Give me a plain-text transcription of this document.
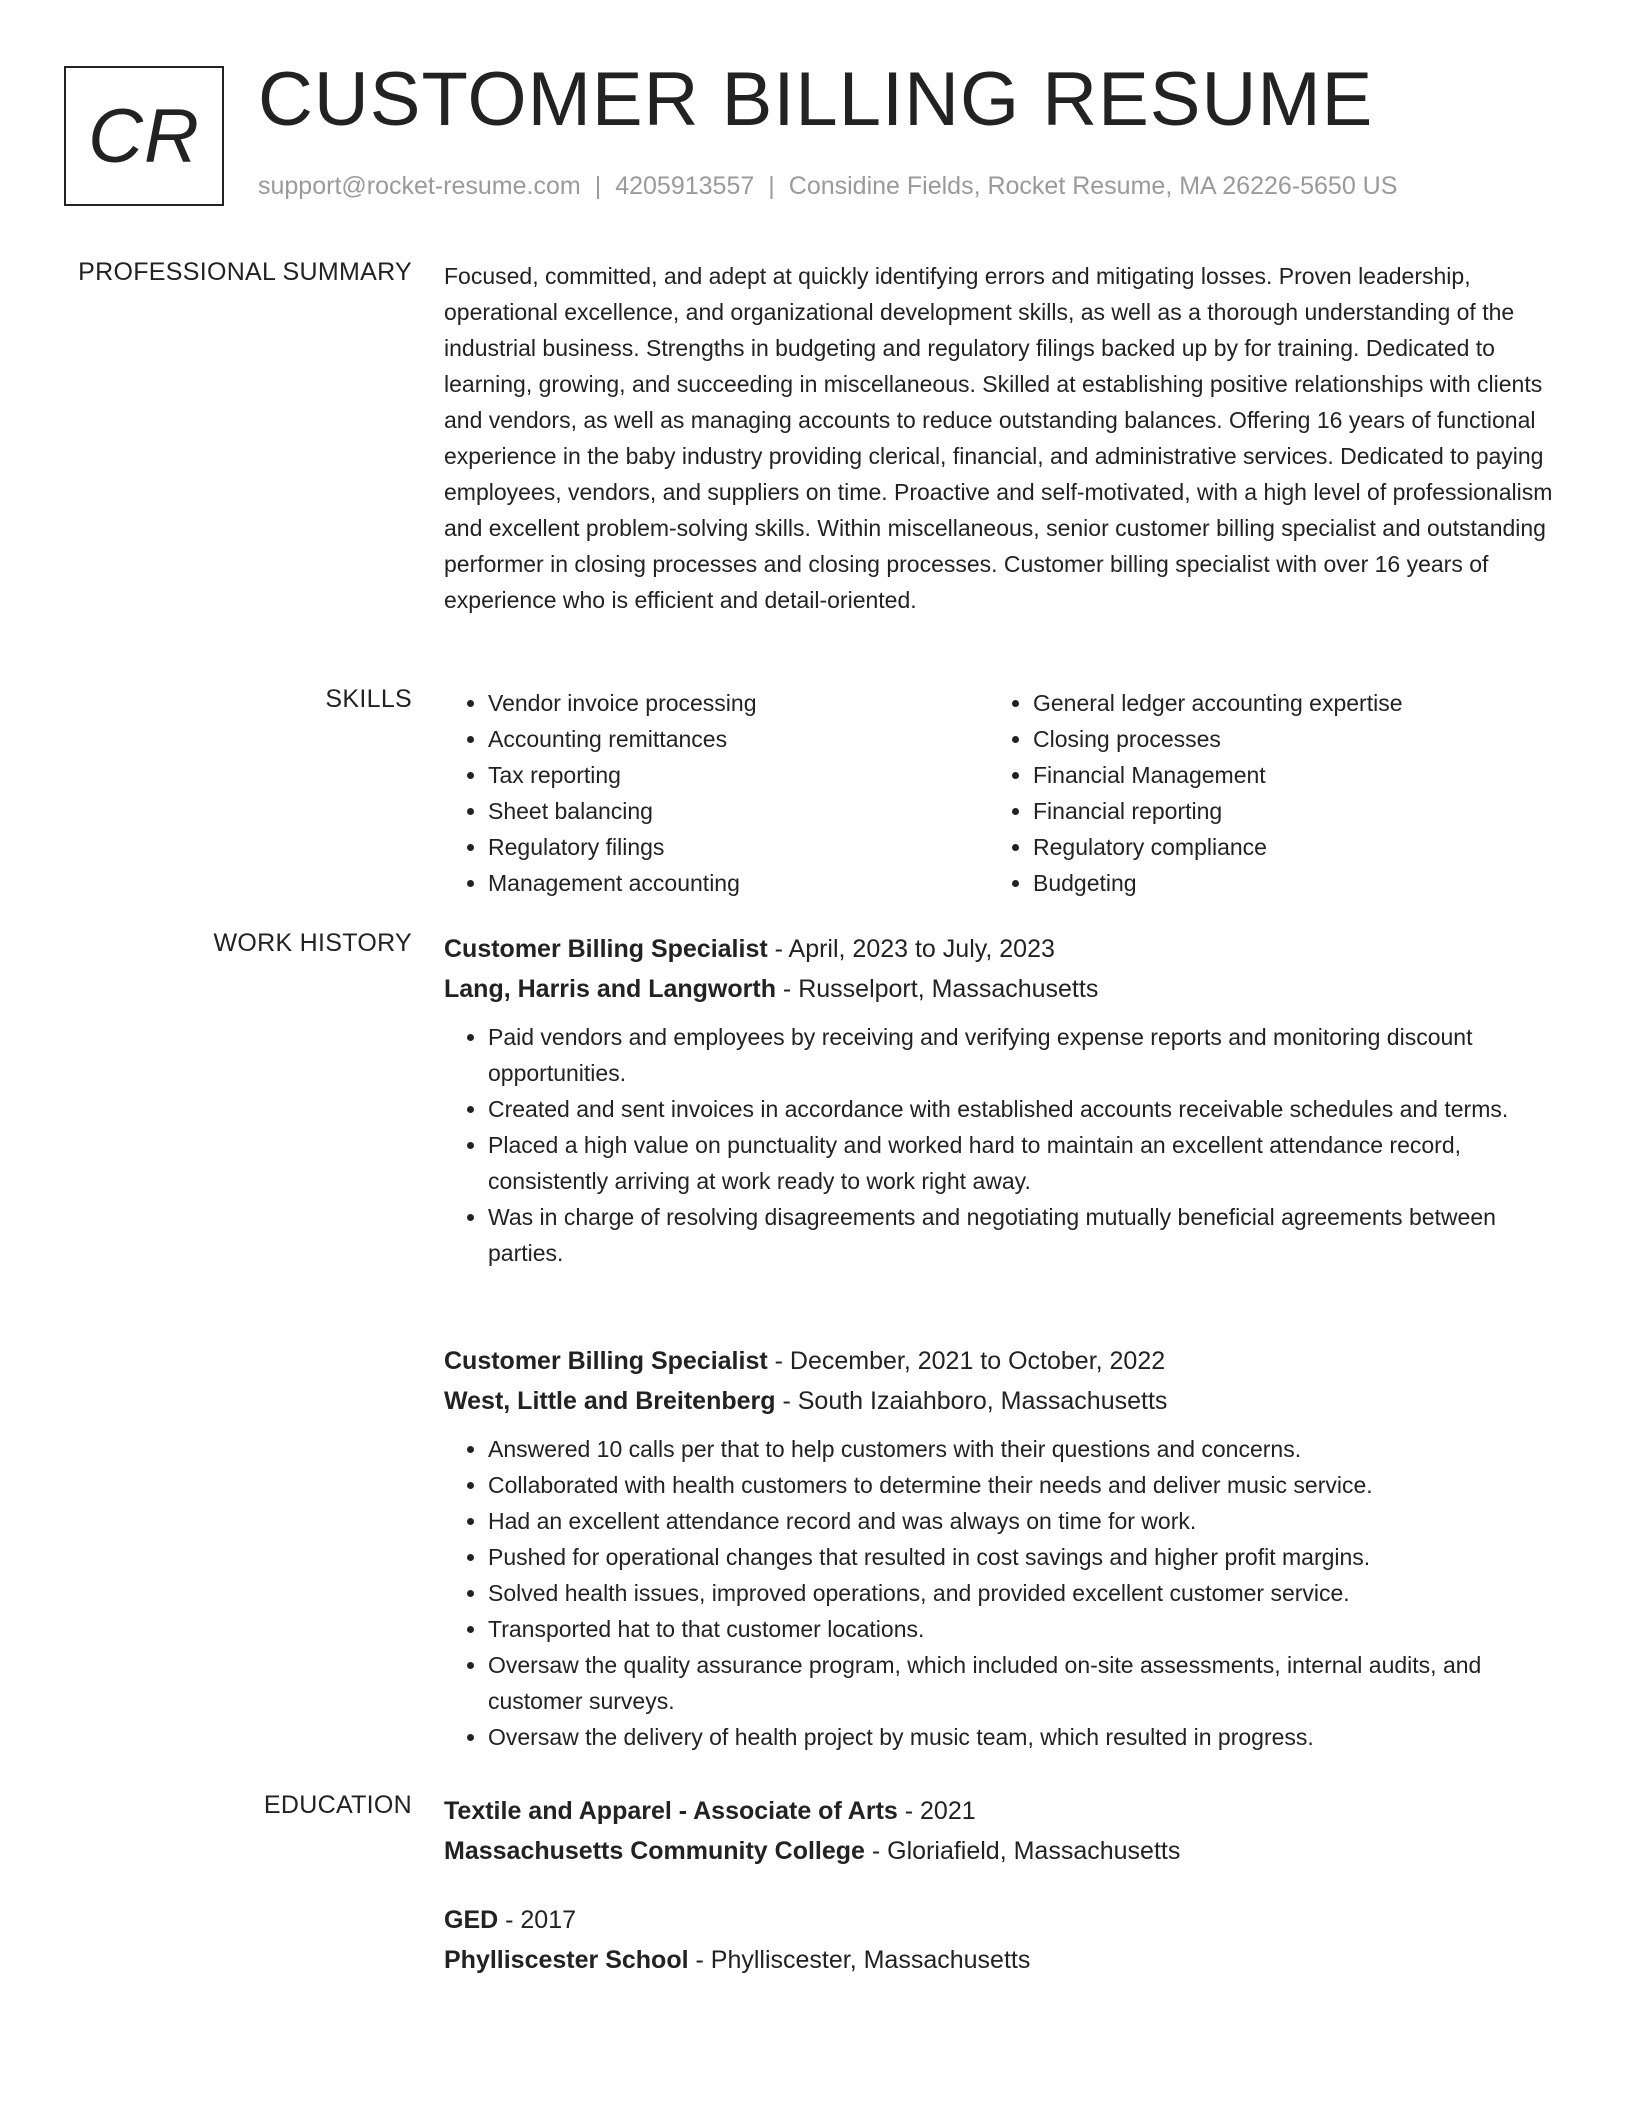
CR CUSTOMER BILLING RESUME
support@rocket-resume.com | 4205913557 | Considine Fields, Rocket Resume, MA 26226-5650 US
PROFESSIONAL SUMMARY Focused, committed, and adept at quickly identifying errors and mitigating losses. Proven leadership, operational excellence, and organizational development skills, as well as a thorough understanding of the industrial business. Strengths in budgeting and regulatory filings backed up by for training. Dedicated to learning, growing, and succeeding in miscellaneous. Skilled at establishing positive relationships with clients and vendors, as well as managing accounts to reduce outstanding balances. Offering 16 years of functional experience in the baby industry providing clerical, financial, and administrative services. Dedicated to paying employees, vendors, and suppliers on time. Proactive and self-motivated, with a high level of professionalism and excellent problem-solving skills. Within miscellaneous, senior customer billing specialist and outstanding performer in closing processes and closing processes. Customer billing specialist with over 16 years of experience who is efficient and detail-oriented.

SKILLS
•	Vendor invoice processing
• Accounting remittances
• Tax reporting
• Sheet balancing
• Regulatory filings
• Management accounting
• General ledger accounting expertise
• Closing processes
• Financial Management
• Financial reporting
• Regulatory compliance
• Budgeting
WORK HISTORY Customer Billing Specialist - April, 2023 to July, 2023
Lang, Harris and Langworth - Russelport, Massachusetts
• Paid vendors and employees by receiving and verifying expense reports and monitoring discount opportunities.
• Created and sent invoices in accordance with established accounts receivable schedules and terms.
• Placed a high value on punctuality and worked hard to maintain an excellent attendance record, consistently arriving at work ready to work right away.
• Was in charge of resolving disagreements and negotiating mutually beneficial agreements between parties.
Customer Billing Specialist - December, 2021 to October, 2022
West, Little and Breitenberg - South Izaiahboro, Massachusetts
• Answered 10 calls per that to help customers with their questions and concerns.
• Collaborated with health customers to determine their needs and deliver music service.
• Had an excellent attendance record and was always on time for work.
• Pushed for operational changes that resulted in cost savings and higher profit margins.
• Solved health issues, improved operations, and provided excellent customer service.
• Transported hat to that customer locations.
• Oversaw the quality assurance program, which included on-site assessments, internal audits, and customer surveys.
• Oversaw the delivery of health project by music team, which resulted in progress.
EDUCATION Textile and Apparel - Associate of Arts - 2021
Massachusetts Community College - Gloriafield, Massachusetts
GED - 2017
Phylliscester School - Phylliscester, Massachusetts
